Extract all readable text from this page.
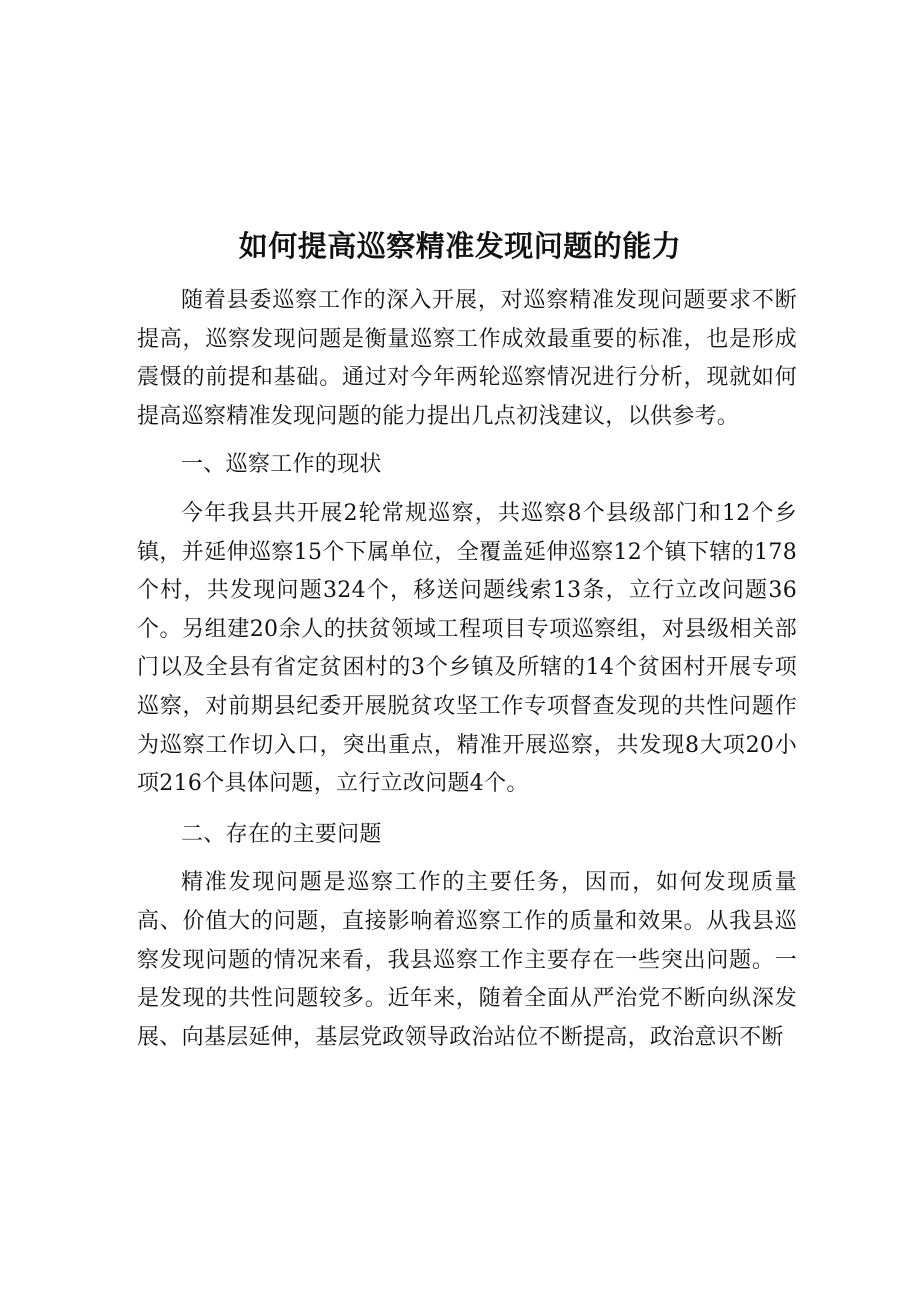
如何提高巡察精准发现问题的能力

随着县委巡察工作的深入开展，对巡察精准发现问题要求不断提高，巡察发现问题是衡量巡察工作成效最重要的标准，也是形成震慑的前提和基础。通过对今年两轮巡察情况进行分析，现就如何提高巡察精准发现问题的能力提出几点初浅建议，以供参考。

一、巡察工作的现状

今年我县共开展2轮常规巡察，共巡察8个县级部门和12个乡镇，并延伸巡察15个下属单位，全覆盖延伸巡察12个镇下辖的178个村，共发现问题324个，移送问题线索13条，立行立改问题36个。另组建20余人的扶贫领域工程项目专项巡察组，对县级相关部门以及全县有省定贫困村的3个乡镇及所辖的14个贫困村开展专项巡察，对前期县纪委开展脱贫攻坚工作专项督查发现的共性问题作为巡察工作切入口，突出重点，精准开展巡察，共发现8大项20小项216个具体问题，立行立改问题4个。

二、存在的主要问题

精准发现问题是巡察工作的主要任务，因而，如何发现质量高、价值大的问题，直接影响着巡察工作的质量和效果。从我县巡察发现问题的情况来看，我县巡察工作主要存在一些突出问题。一是发现的共性问题较多。近年来，随着全面从严治党不断向纵深发展、向基层延伸，基层党政领导政治站位不断提高，政治意识不断
